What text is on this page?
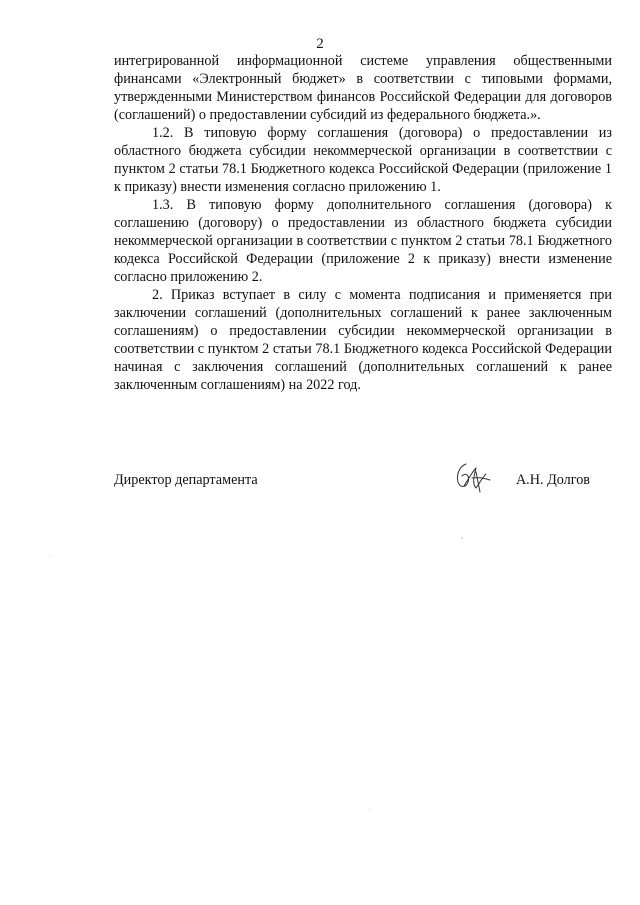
2

интегрированной информационной системе управления общественными финансами «Электронный бюджет» в соответствии с типовыми формами, утвержденными Министерством финансов Российской Федерации для договоров (соглашений) о предоставлении субсидий из федерального бюджета.».

1.2. В типовую форму соглашения (договора) о предоставлении из областного бюджета субсидии некоммерческой организации в соответствии с пунктом 2 статьи 78.1 Бюджетного кодекса Российской Федерации (приложение 1 к приказу) внести изменения согласно приложению 1.

1.3. В типовую форму дополнительного соглашения (договора) к соглашению (договору) о предоставлении из областного бюджета субсидии некоммерческой организации в соответствии с пунктом 2 статьи 78.1 Бюджетного кодекса Российской Федерации (приложение 2 к приказу) внести изменение согласно приложению 2.

2. Приказ вступает в силу с момента подписания и применяется при заключении соглашений (дополнительных соглашений к ранее заключенным соглашениям) о предоставлении субсидии некоммерческой организации в соответствии с пунктом 2 статьи 78.1 Бюджетного кодекса Российской Федерации начиная с заключения соглашений (дополнительных соглашений к ранее заключенным соглашениям) на 2022 год.

Директор департамента	А.Н. Долгов
